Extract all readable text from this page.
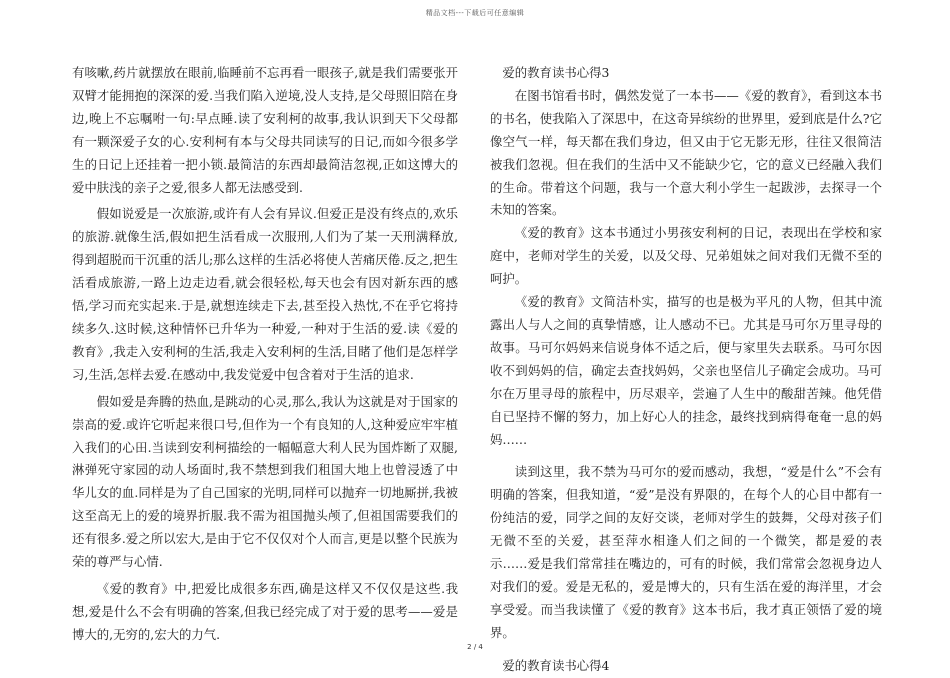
精品文档---下载后可任意编辑

有咳嗽,药片就摆放在眼前,临睡前不忘再看一眼孩子,就是我们需要张开双臂才能拥抱的深深的爱.当我们陷入逆境,没人支持,是父母照旧陪在身边,晚上不忘嘱咐一句:早点睡.读了安利柯的故事,我认识到天下父母都有一颗深爱子女的心.安利柯有本与父母共同读写的日记,而如今很多学生的日记上还挂着一把小锁.最简洁的东西却最简洁忽视,正如这博大的爱中肤浅的亲子之爱,很多人都无法感受到.

假如说爱是一次旅游,或许有人会有异议.但爱正是没有终点的,欢乐的旅游.就像生活,假如把生活看成一次服刑,人们为了某一天刑满释放,得到超脱而干沉重的活儿;那么这样的生活必将使人苦痛厌倦.反之,把生活看成旅游,一路上边走边看,就会很轻松,每天也会有因对新东西的感悟,学习而充实起来.于是,就想连续走下去,甚至投入热忱,不在乎它将持续多久.这时候,这种情怀已升华为一种爱,一种对于生活的爱.读《爱的教育》,我走入安利柯的生活,我走入安利柯的生活,目睹了他们是怎样学习,生活,怎样去爱.在感动中,我发觉爱中包含着对于生活的追求.

假如爱是奔腾的热血,是跳动的心灵,那么,我认为这就是对于国家的崇高的爱.或许它听起来很口号,但作为一个有良知的人,这种爱应牢牢植入我们的心田.当读到安利柯描绘的一幅幅意大利人民为国炸断了双腿,淋弹死守家园的动人场面时,我不禁想到我们租国大地上也曾浸透了中华儿女的血.同样是为了自己国家的光明,同样可以抛弃一切地厮拼,我被这至高无上的爱的境界折服.我不需为祖国抛头颅了,但祖国需要我们的还有很多.爱之所以宏大,是由于它不仅仅对个人而言,更是以整个民族为荣的尊严与心情.

《爱的教育》中,把爱比成很多东西,确是这样又不仅仅是这些.我想,爱是什么不会有明确的答案,但我已经完成了对于爱的思考——爱是博大的,无穷的,宏大的力气.

爱的教育读书心得3

在图书馆看书时，偶然发觉了一本书——《爱的教育》，看到这本书的书名，使我陷入了深思中，在这奇异缤纷的世界里，爱到底是什么?它像空气一样，每天都在我们身边，但又由于它无影无形，往往又很简洁被我们忽视。但在我们的生活中又不能缺少它，它的意义已经融入我们的生命。带着这个问题，我与一个意大利小学生一起跋涉，去探寻一个未知的答案。

《爱的教育》这本书通过小男孩安利柯的日记，表现出在学校和家庭中，老师对学生的关爱，以及父母、兄弟姐妹之间对我们无微不至的呵护。

《爱的教育》文简洁朴实，描写的也是极为平凡的人物，但其中流露出人与人之间的真挚情感，让人感动不已。尤其是马可尔万里寻母的故事。马可尔妈妈来信说身体不适之后，便与家里失去联系。马可尔因收不到妈妈的信，确定去查找妈妈，父亲也坚信儿子确定会成功。马可尔在万里寻母的旅程中，历尽艰辛，尝遍了人生中的酸甜苦辣。他凭借自已坚持不懈的努力，加上好心人的挂念，最终找到病得奄奄一息的妈妈……

读到这里，我不禁为马可尔的爱而感动，我想，“爱是什么”不会有明确的答案，但我知道，“爱”是没有界限的，在每个人的心目中都有一份纯洁的爱，同学之间的友好交谈，老师对学生的鼓舞，父母对孩子们无微不至的关爱，甚至萍水相逢人们之间的一个微笑，都是爱的表示……爱是我们常常挂在嘴边的，可有的时候，我们常常会忽视身边人对我们的爱。爱是无私的，爱是博大的，只有生活在爱的海洋里，才会享受爱。而当我读懂了《爱的教育》这本书后，我才真正领悟了爱的境界。

爱的教育读书心得4

2 / 4
